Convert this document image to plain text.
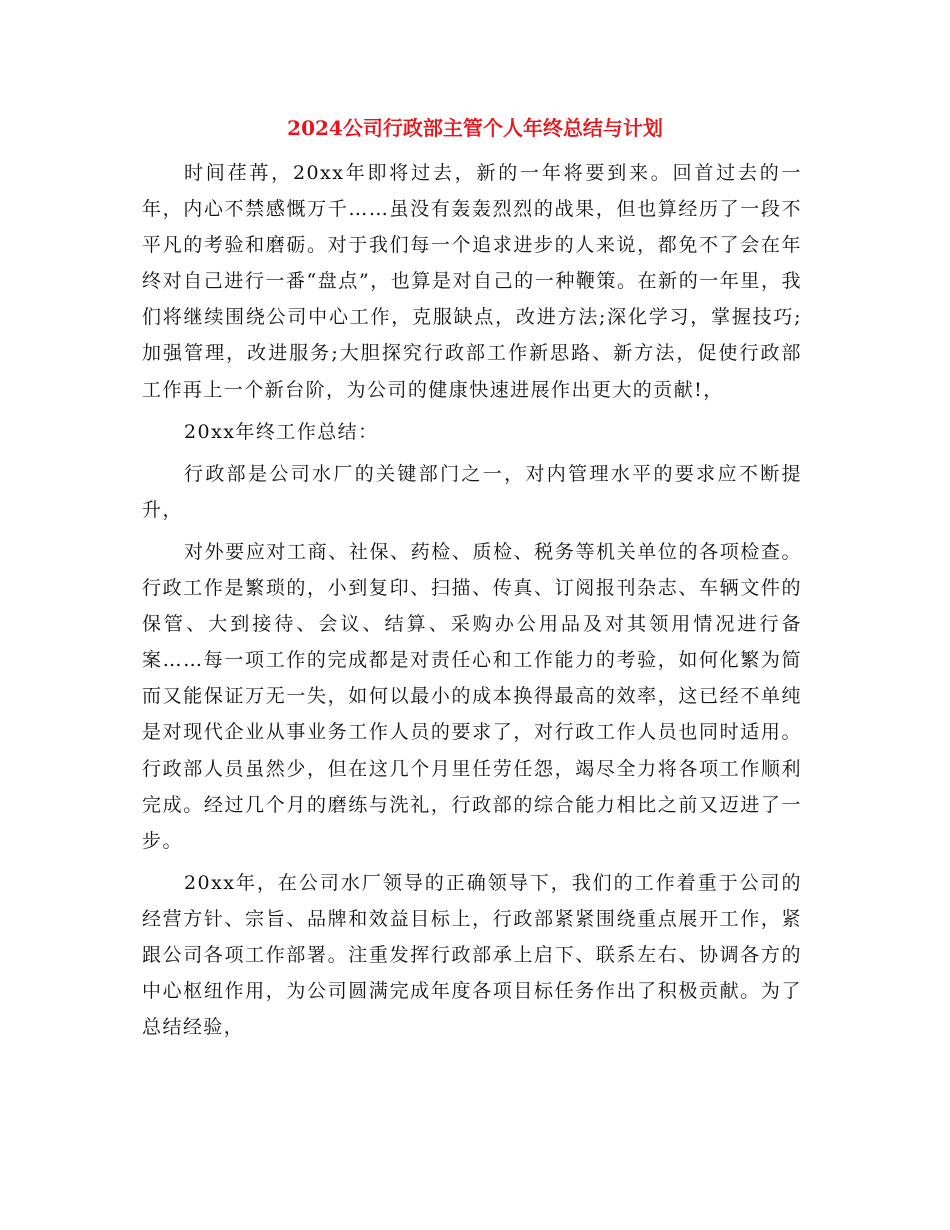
2024公司行政部主管个人年终总结与计划

时间荏苒，20xx年即将过去，新的一年将要到来。回首过去的一年，内心不禁感慨万千……虽没有轰轰烈烈的战果，但也算经历了一段不平凡的考验和磨砺。对于我们每一个追求进步的人来说，都免不了会在年终对自己进行一番“盘点”，也算是对自己的一种鞭策。在新的一年里，我们将继续围绕公司中心工作，克服缺点，改进方法;深化学习，掌握技巧;加强管理，改进服务;大胆探究行政部工作新思路、新方法，促使行政部工作再上一个新台阶，为公司的健康快速进展作出更大的贡献!，

20xx年终工作总结：

行政部是公司水厂的关键部门之一，对内管理水平的要求应不断提升，

对外要应对工商、社保、药检、质检、税务等机关单位的各项检查。行政工作是繁琐的，小到复印、扫描、传真、订阅报刊杂志、车辆文件的保管、大到接待、会议、结算、采购办公用品及对其领用情况进行备案……每一项工作的完成都是对责任心和工作能力的考验，如何化繁为简而又能保证万无一失，如何以最小的成本换得最高的效率，这已经不单纯是对现代企业从事业务工作人员的要求了，对行政工作人员也同时适用。行政部人员虽然少，但在这几个月里任劳任怨，竭尽全力将各项工作顺利完成。经过几个月的磨练与洗礼，行政部的综合能力相比之前又迈进了一步。

20xx年，在公司水厂领导的正确领导下，我们的工作着重于公司的经营方针、宗旨、品牌和效益目标上，行政部紧紧围绕重点展开工作，紧跟公司各项工作部署。注重发挥行政部承上启下、联系左右、协调各方的中心枢纽作用，为公司圆满完成年度各项目标任务作出了积极贡献。为了总结经验，
